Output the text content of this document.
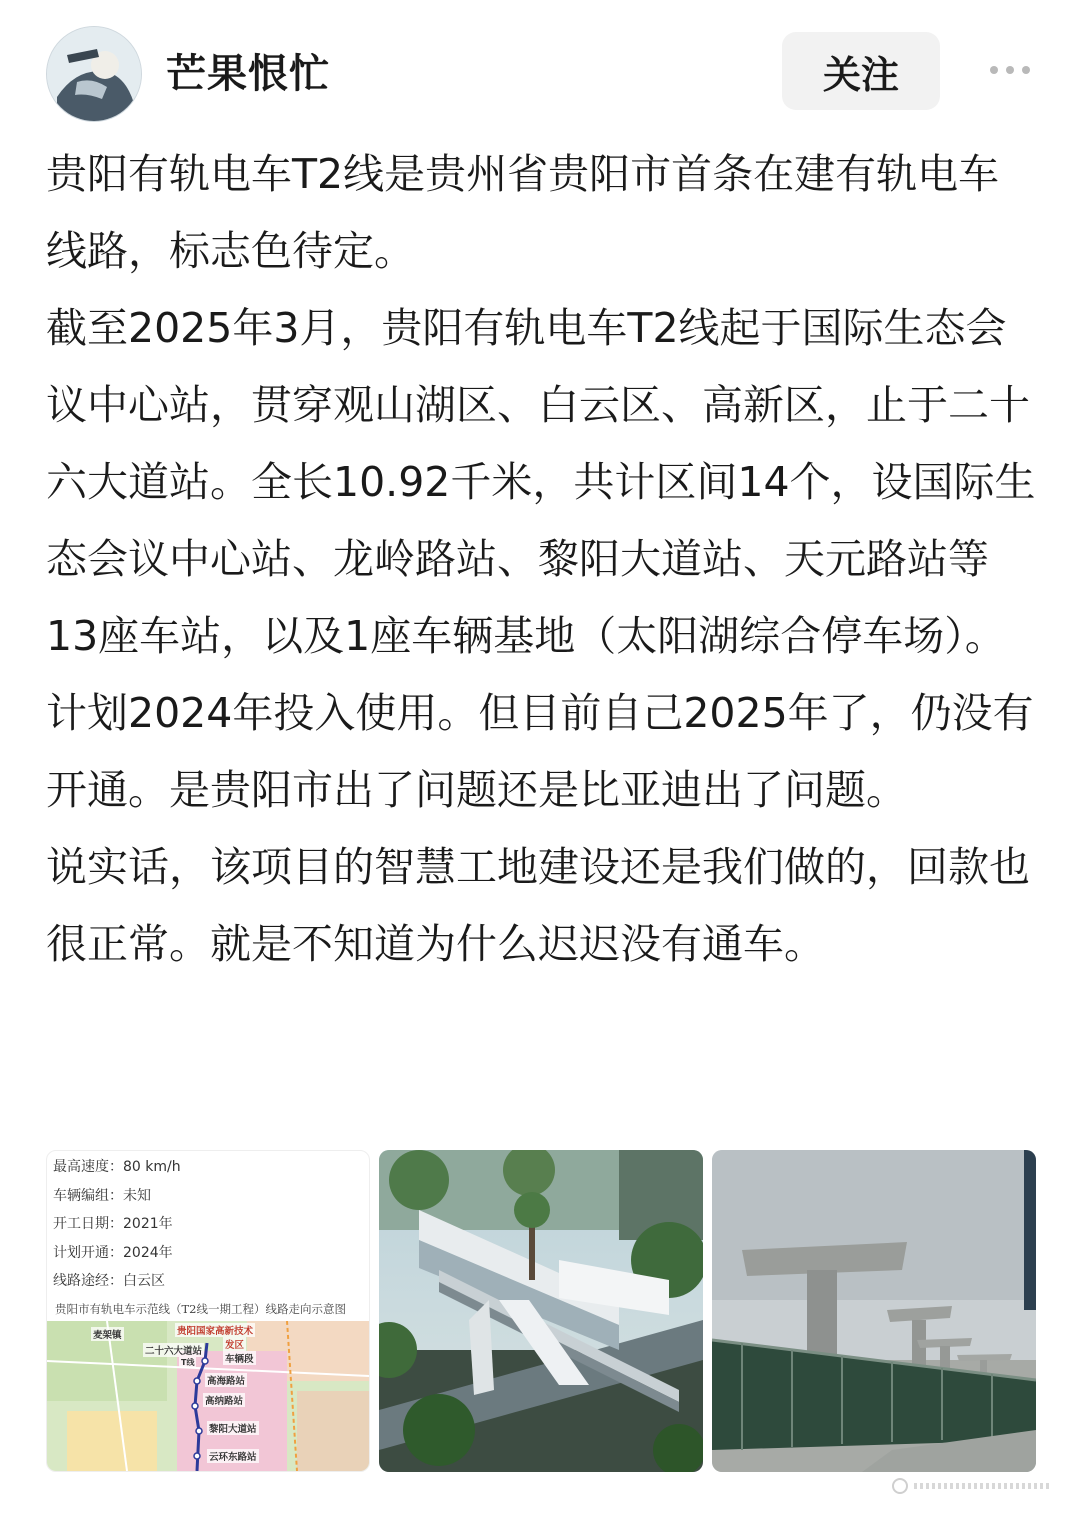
芒果恨忙	关注

贵阳有轨电车T2线是贵州省贵阳市首条在建有轨电车线路，标志色待定。

截至2025年3月，贵阳有轨电车T2线起于国际生态会议中心站，贯穿观山湖区、白云区、高新区，止于二十六大道站。全长10.92千米，共计区间14个，设国际生态会议中心站、龙岭路站、黎阳大道站、天元路站等13座车站，以及1座车辆基地（太阳湖综合停车场）。计划2024年投入使用。但目前自己2025年了，仍没有开通。是贵阳市出了问题还是比亚迪出了问题。

说实话，该项目的智慧工地建设还是我们做的，回款也很正常。就是不知道为什么迟迟没有通车。

最高速度：80 km/h
车辆编组：未知
开工日期：2021年
计划开通：2024年
线路途经：白云区
贵阳市有轨电车示范线（T2线一期工程）线路走向示意图
麦架镇	贵阳国家高新技术
发区
车辆段
二十六大道站
高海路站
高纳路站
黎阳大道站
云环东路站
T线
